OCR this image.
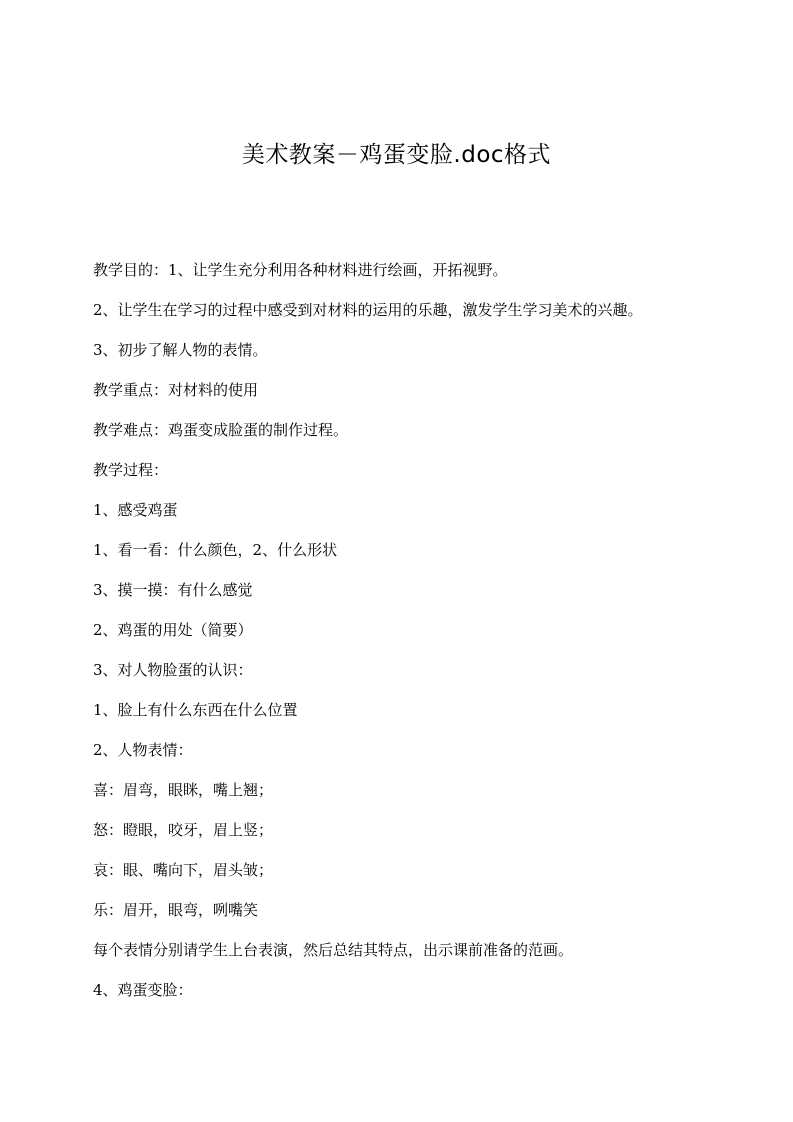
美术教案－鸡蛋变脸.doc格式
教学目的：1、让学生充分利用各种材料进行绘画，开拓视野。
2、让学生在学习的过程中感受到对材料的运用的乐趣，激发学生学习美术的兴趣。
3、初步了解人物的表情。
教学重点：对材料的使用
教学难点：鸡蛋变成脸蛋的制作过程。
教学过程：
1、感受鸡蛋
1、看一看：什么颜色，2、什么形状
3、摸一摸：有什么感觉
2、鸡蛋的用处（简要）
3、对人物脸蛋的认识：
1、脸上有什么东西在什么位置
2、人物表情：
喜：眉弯，眼眯，嘴上翘；
怒：瞪眼，咬牙，眉上竖；
哀：眼、嘴向下，眉头皱；
乐：眉开，眼弯，咧嘴笑
每个表情分别请学生上台表演，然后总结其特点，出示课前准备的范画。
4、鸡蛋变脸：
